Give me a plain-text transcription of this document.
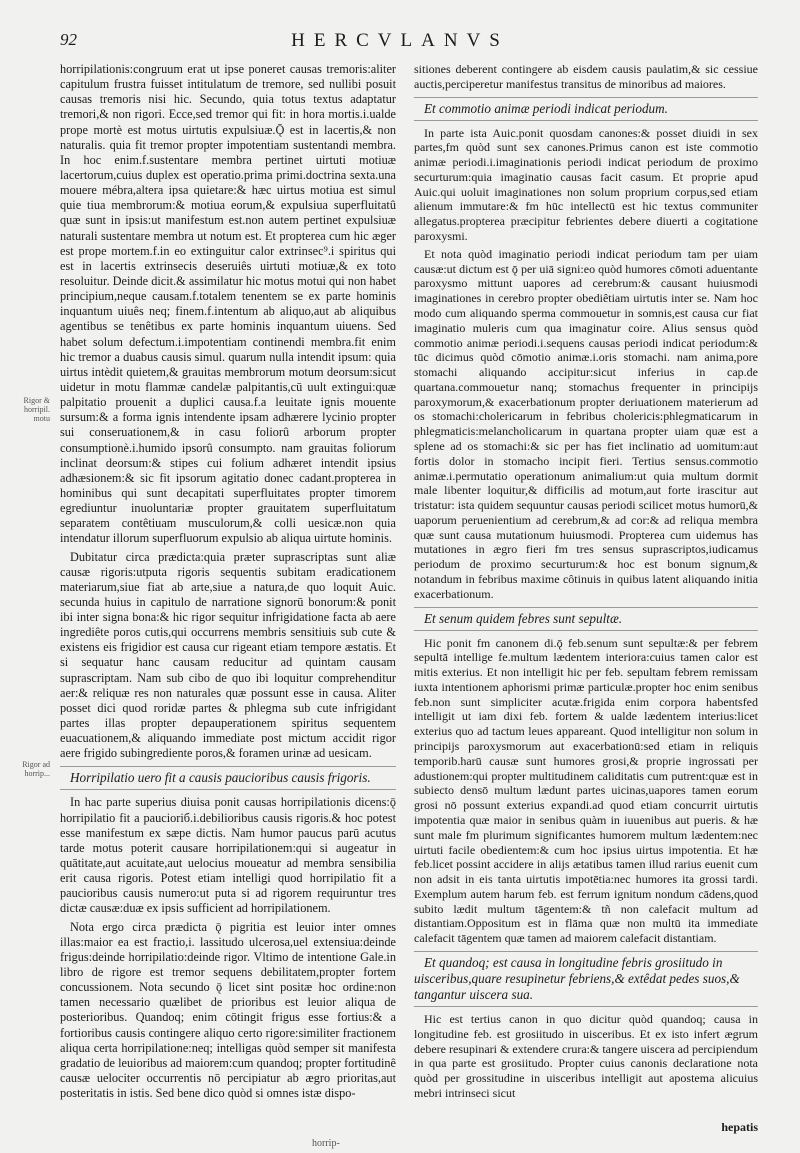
92	HERCVLANVS
Rigor &
horripil.
motu
Rigor ad
horrip...

horripilationis:congruum erat ut ipse poneret causas tremoris:aliter capitulum frustra fuisset intitulatum de tremore, sed nullibi posuit causas tremoris nisi hic. Secundo, quia totus textus adaptatur tremori,& non rigori. Ecce,sed tremor qui fit: in hora mortis.i.ualde prope mortè est motus uirtutis expulsiuæ.Ǭ est in lacertis,& non naturalis. quia fit tremor propter impotentiam sustentandi membra. In hoc enim.f.sustentare membra pertinet uirtuti motiuæ lacertorum,cuius duplex est operatio.prima primi.doctrina sexta.una mouere mébra,altera ipsa quietare:& hæc uirtus motiua est simul quie tiua membrorum:& motiua eorum,& expulsiua superfluitatû quæ sunt in ipsis:ut manifestum est.non autem pertinet expulsiuæ naturali sustentare membra ut notum est. Et propterea cum hic æger est prope mortem.f.in eo extinguitur calor extrinsec⁹.i spiritus qui est in lacertis extrinsecis deseruiês uirtuti motiuæ,& ex toto resoluitur. Deinde dicit.& assimilatur hic motus motui qui non habet principium,neque causam.f.totalem tenentem se ex parte hominis inquantum uiuês neq; finem.f.intentum ab aliquo,aut ab aliquibus agentibus se tenêtibus ex parte hominis inquantum uiuens. Sed habet solum defectum.i.impotentiam continendi membra.fit enim hic tremor a duabus causis simul. quarum nulla intendit ipsum: quia uirtus intèdit quietem,& grauitas membrorum motum deorsum:sicut uidetur in motu flammæ candelæ palpitantis,cū uult extingui:quæ palpitatio prouenit a duplici causa.f.a leuitate ignis mouente sursum:& a forma ignis intendente ipsam adhærere lycinio propter sui conseruationem,& in casu foliorû arborum propter consumptionè.i.humido ipsorû consumpto. nam grauitas foliorum inclinat deorsum:& stipes cui folium adhæret intendit ipsius adhæsionem:& sic fit ipsorum agitatio donec cadant.propterea in hominibus qui sunt decapitati superfluitates propter timorem egrediuntur inuoluntariæ propter grauitatem superfluitatum separatem contêtiuam musculorum,& colli uesicæ.non quia intendatur illorum superfluorum expulsio ab aliqua uirtute hominis.

Dubitatur circa prædicta:quia præter suprascriptas sunt aliæ causæ rigoris:utputa rigoris sequentis subitam eradicationem materiarum,siue fiat ab arte,siue a natura,de quo loquit Auic. secunda huius in capitulo de narratione signorū bonorum:& ponit ibi inter signa bona:& hic rigor sequitur infrigidatione facta ab aere ingrediête poros cutis,qui occurrens membris sensitiuis sub cute & existens eis frigidior est causa cur rigeant etiam tempore æstatis. Et si sequatur hanc causam reducitur ad quintam causam suprascriptam. Nam sub cibo de quo ibi loquitur comprehenditur aer:& reliquæ res non naturales quæ possunt esse in causa. Aliter posset dici quod roridæ partes & phlegma sub cute infrigidant partes illas propter depauperationem spiritus sequentem euacuationem,& aliquando immediate post mictum accidit rigor aere frigido subingrediente poros,& foramen urinæ ad uesicam.

Horripilatio uero fit a causis paucioribus causis frigoris.

In hac parte superius diuisa ponit causas horripilationis dicens:ǭ horripilatio fit a paucioriб.i.debilioribus causis rigoris.& hoc potest esse manifestum ex sæpe dictis. Nam humor paucus parū acutus tarde motus poterit causare horripilationem:qui si augeatur in quātitate,aut acuitate,aut uelocius moueatur ad membra sensibilia erit causa rigoris. Potest etiam intelligi quod horripilatio fit a paucioribus causis numero:ut puta si ad rigorem requiruntur tres dictæ causæ:duæ ex ipsis sufficient ad horripilationem.

Nota ergo circa prædicta ǭ pigritia est leuior inter omnes illas:maior ea est fractio,i. lassitudo ulcerosa,uel extensiua:deinde frigus:deinde horripilatio:deinde rigor. Vltimo de intentione Gale.in libro de rigore est tremor sequens debilitatem,propter fortem concussionem. Nota secundo ǭ licet sint positæ hoc ordine:non tamen necessario quælibet de prioribus est leuior aliqua de posterioribus. Quandoq; enim cōtingit frigus esse fortius:& a fortioribus causis contingere aliquo certo rigore:similiter fractionem aliqua certa horripilatione:neq; intelligas quòd semper sit manifesta gradatio de leuioribus ad maiorem:cum quandoq; propter fortitudinê causæ uelociter occurrentis nō percipiatur ab ægro prioritas,aut posteritatis in istis. Sed bene dico quòd si omnes istæ dispo-

sitiones deberent contingere ab eisdem causis paulatim,& sic cessiue auctis,perciperetur manifestus transitus de minoribus ad maiores.

Et commotio animæ periodi indicat periodum.

In parte ista Auic.ponit quosdam canones:& posset diuidi in sex partes,fm quòd sunt sex canones.Primus canon est iste commotio animæ periodi.i.imaginationis periodi indicat periodum de proximo securturum:quia imaginatio causas facit casum. Et proprie apud Auic.qui uoluit imaginationes non solum proprium corpus,sed etiam alienum immutare:& fm hūc intellectū est hic textus communiter allegatus.propterea præcipitur febrientes debere diuerti a cogitatione paroxysmi.

Et nota quòd imaginatio periodi indicat periodum tam per uiam causæ:ut dictum est ǭ per uiā signi:eo quòd humores cōmoti aduentante paroxysmo mittunt uapores ad cerebrum:& causant huiusmodi imaginationes in cerebro propter obediêtiam uirtutis inter se. Nam hoc modo cum aliquando sperma commouetur in somnis,est causa cur fiat imaginatio muleris cum qua imaginatur coire. Alius sensus quòd commotio animæ periodi.i.sequens causas periodi indicat periodum:& tūc dicimus quòd cōmotio animæ.i.oris stomachi. nam anima,pore stomachi aliquando accipitur:sicut inferius in cap.de quartana.commouetur nanq; stomachus frequenter in principijs paroxymorum,& exacerbationum propter deriuationem materierum ad os stomachi:cholericarum in febribus cholericis:phlegmaticarum in phlegmaticis:melancholicarum in quartana propter uiam quæ est a splene ad os stomachi:& sic per has fiet inclinatio ad uomitum:aut fortis dolor in stomacho incipit fieri. Tertius sensus.commotio animæ.i.permutatio operationum animalium:ut quia multum dormit male libenter loquitur,& difficilis ad motum,aut forte irascitur aut tristatur: ista quidem sequuntur causas periodi scilicet motus humorū,& uaporum peruenientium ad cerebrum,& ad cor:& ad reliqua membra quæ sunt causa mutationum huiusmodi. Propterea cum uidemus has mutationes in ægro fieri fm tres sensus suprascriptos,iudicamus periodum de proximo securturum:& hoc est bonum signum,& notandum in febribus maxime côtinuis in quibus latent aliquando initia exacerbationum.

Et senum quidem febres sunt sepultæ.

Hic ponit fm canonem di.ǭ feb.senum sunt sepultæ:& per febrem sepultā intellige fe.multum lædentem interiora:cuius tamen calor est mitis exterius. Et non intelligit hic per feb. sepultam febrem remissam iuxta intentionem aphorismi primæ particulæ.propter hoc enim senibus feb.non sunt simpliciter acutæ.frigida enim corpora habentsfed intelligit ut iam dixi feb. fortem & ualde lædentem interius:licet exterius quo ad tactum leues appareant. Quod intelligitur non solum in principijs paroxysmorum aut exacerbationū:sed etiam in reliquis temporib.harū causæ sunt humores grosi,& proprie ingrossati per adustionem:qui propter multitudinem caliditatis cum putrent:quæ est in subiecto densō multum lædunt partes uicinas,uapores tamen eorum grosi nō possunt exterius expandi.ad quod etiam concurrit uirtutis impotentia quæ maior in senibus quàm in iuuenibus aut pueris. & hæ sunt male fm plurimum significantes humorem multum lædentem:nec uirtuti facile obedientem:& cum hoc ipsius uirtus impotentia. Et hæ feb.licet possint accidere in alijs ætatibus tamen illud rarius euenit cum non adsit in eis tanta uirtutis impotētia:nec humores ita grossi tardi. Exemplum autem harum feb. est ferrum ignitum nondum cādens,quod subito lædit multum tāgentem:& tñ non calefacit multum ad distantiam.Oppositum est in flāma quæ non multū ita immediate calefacit tāgentem quæ tamen ad maiorem calefacit distantiam.

Et quandoq; est causa in longitudine febris grosiitudo in uisceribus,quare resupinetur febriens,& extêdat pedes suos,& tangantur uiscera sua.

Hic est tertius canon in quo dicitur quòd quandoq; causa in longitudine feb. est grosiitudo in uisceribus. Et ex isto infert ægrum debere resupinari & extendere crura:& tangere uiscera ad percipiendum in qua parte est grosiitudo. Propter cuius canonis declaratione nota quòd per grossitudine in uisceribus intelligit aut apostema alicuius mebri intrinseci sicut

hepatis
horrip-
